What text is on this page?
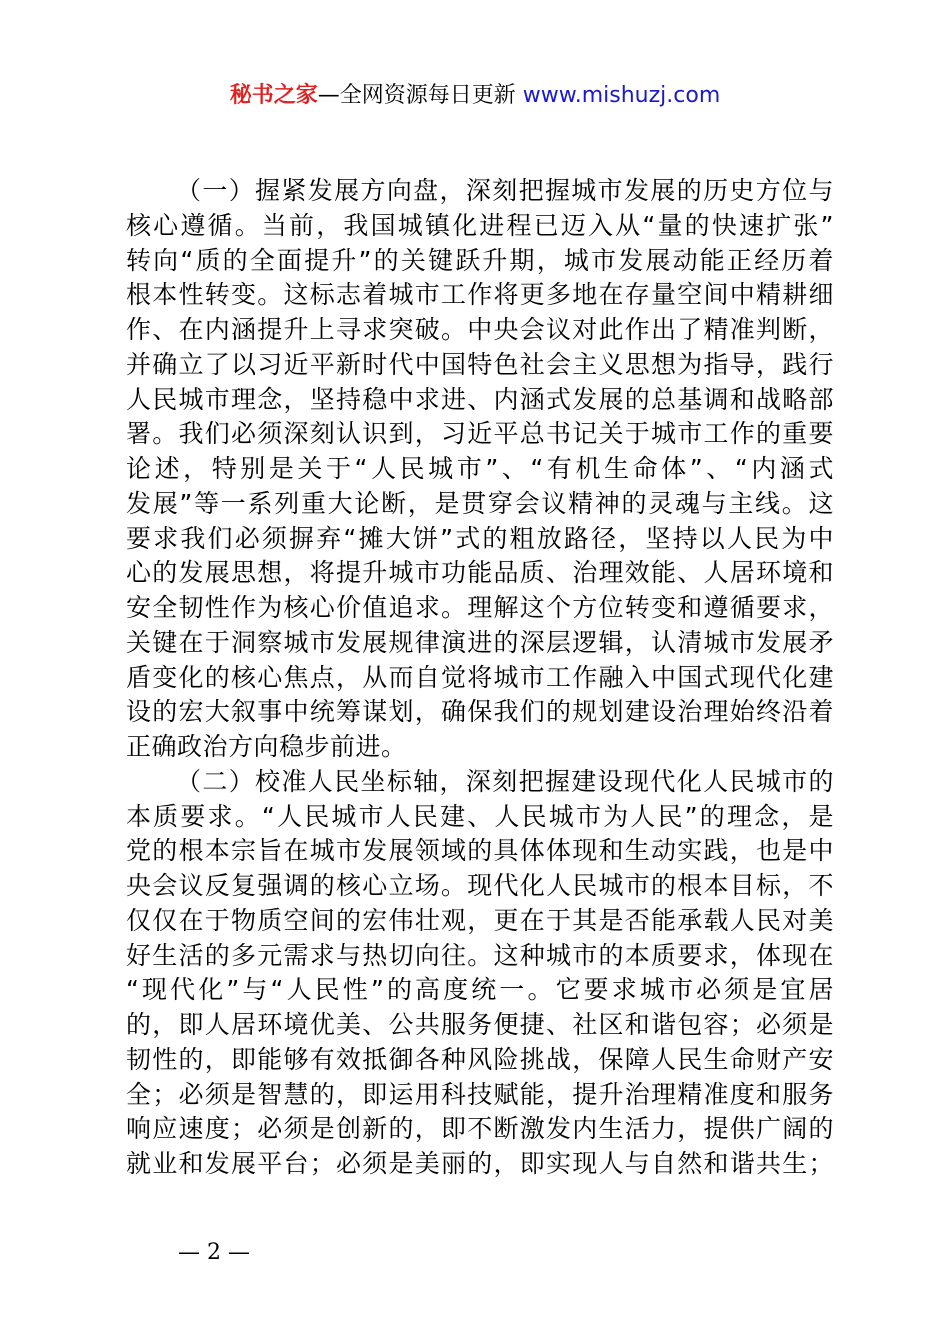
秘书之家—全网资源每日更新 www.mishuzj.com
（一）握紧发展方向盘，深刻把握城市发展的历史方位与
核心遵循。当前，我国城镇化进程已迈入从“量的快速扩张”
转向“质的全面提升”的关键跃升期，城市发展动能正经历着
根本性转变。这标志着城市工作将更多地在存量空间中精耕细
作、在内涵提升上寻求突破。中央会议对此作出了精准判断，
并确立了以习近平新时代中国特色社会主义思想为指导，践行
人民城市理念，坚持稳中求进、内涵式发展的总基调和战略部
署。我们必须深刻认识到，习近平总书记关于城市工作的重要
论述，特别是关于“人民城市”、“有机生命体”、“内涵式
发展”等一系列重大论断，是贯穿会议精神的灵魂与主线。这
要求我们必须摒弃“摊大饼”式的粗放路径，坚持以人民为中
心的发展思想，将提升城市功能品质、治理效能、人居环境和
安全韧性作为核心价值追求。理解这个方位转变和遵循要求，
关键在于洞察城市发展规律演进的深层逻辑，认清城市发展矛
盾变化的核心焦点，从而自觉将城市工作融入中国式现代化建
设的宏大叙事中统筹谋划，确保我们的规划建设治理始终沿着
正确政治方向稳步前进。
（二）校准人民坐标轴，深刻把握建设现代化人民城市的
本质要求。“人民城市人民建、人民城市为人民”的理念，是
党的根本宗旨在城市发展领域的具体体现和生动实践，也是中
央会议反复强调的核心立场。现代化人民城市的根本目标，不
仅仅在于物质空间的宏伟壮观，更在于其是否能承载人民对美
好生活的多元需求与热切向往。这种城市的本质要求，体现在
“现代化”与“人民性”的高度统一。它要求城市必须是宜居
的，即人居环境优美、公共服务便捷、社区和谐包容；必须是
韧性的，即能够有效抵御各种风险挑战，保障人民生命财产安
全；必须是智慧的，即运用科技赋能，提升治理精准度和服务
响应速度；必须是创新的，即不断激发内生活力，提供广阔的
就业和发展平台；必须是美丽的，即实现人与自然和谐共生；
— 2 —
